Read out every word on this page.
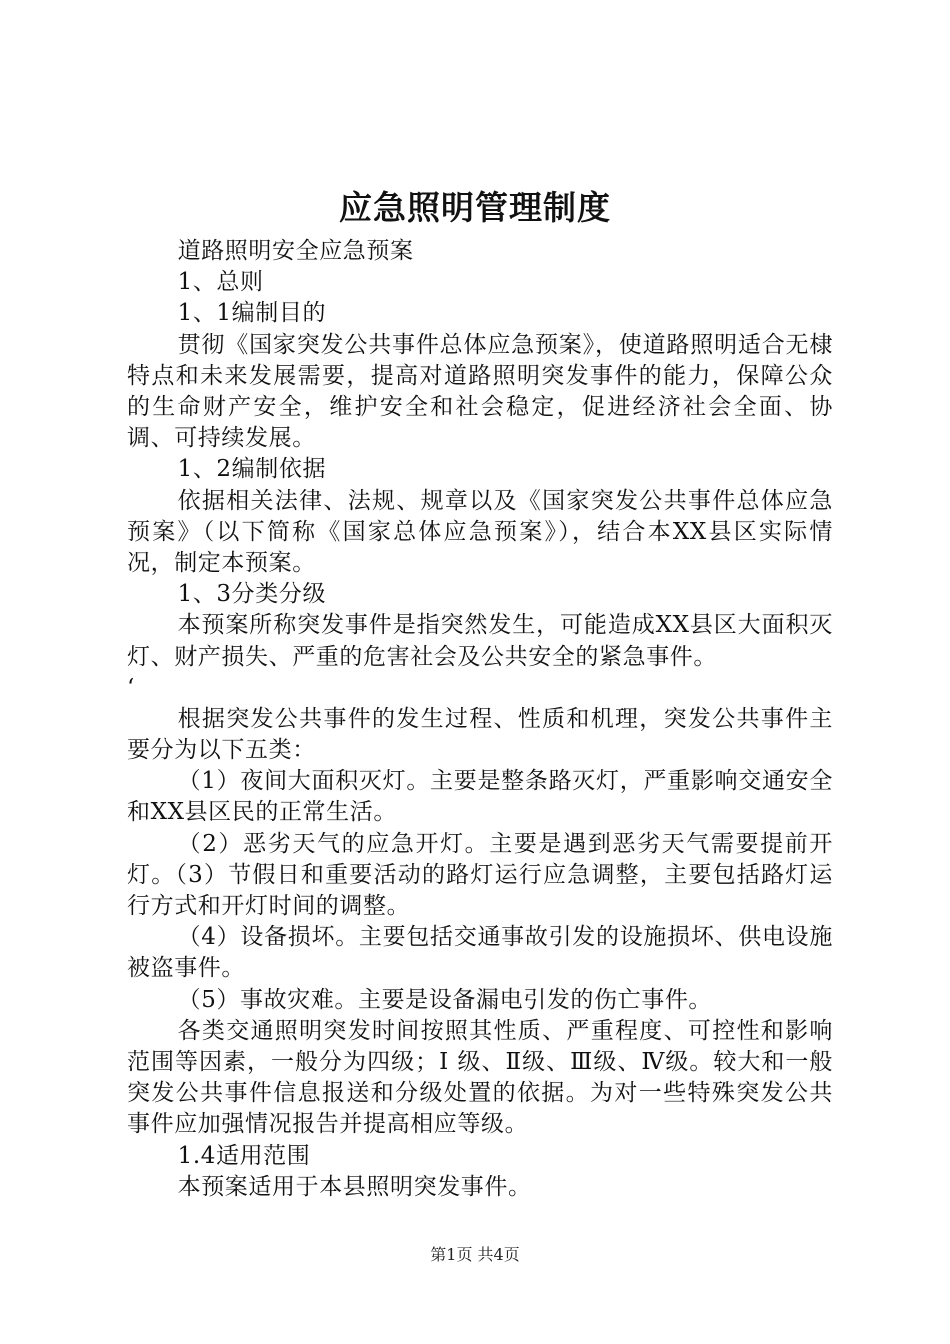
应急照明管理制度

道路照明安全应急预案

1、总则

1、1编制目的

贯彻《国家突发公共事件总体应急预案》，使道路照明适合无棣特点和未来发展需要，提高对道路照明突发事件的能力，保障公众的生命财产安全，维护安全和社会稳定，促进经济社会全面、协调、可持续发展。

1、2编制依据

依据相关法律、法规、规章以及《国家突发公共事件总体应急预案》（以下简称《国家总体应急预案》），结合本XX县区实际情况，制定本预案。

1、3分类分级

本预案所称突发事件是指突然发生，可能造成XX县区大面积灭灯、财产损失、严重的危害社会及公共安全的紧急事件。

‘

根据突发公共事件的发生过程、性质和机理，突发公共事件主要分为以下五类：

（1）夜间大面积灭灯。主要是整条路灭灯，严重影响交通安全和XX县区民的正常生活。

（2）恶劣天气的应急开灯。主要是遇到恶劣天气需要提前开灯。（3）节假日和重要活动的路灯运行应急调整，主要包括路灯运行方式和开灯时间的调整。

（4）设备损坏。主要包括交通事故引发的设施损坏、供电设施被盗事件。

（5）事故灾难。主要是设备漏电引发的伤亡事件。

各类交通照明突发时间按照其性质、严重程度、可控性和影响范围等因素，一般分为四级；Ⅰ 级、Ⅱ级、Ⅲ级、Ⅳ级。较大和一般突发公共事件信息报送和分级处置的依据。为对一些特殊突发公共事件应加强情况报告并提高相应等级。

1.4适用范围

本预案适用于本县照明突发事件。

第1页 共4页
